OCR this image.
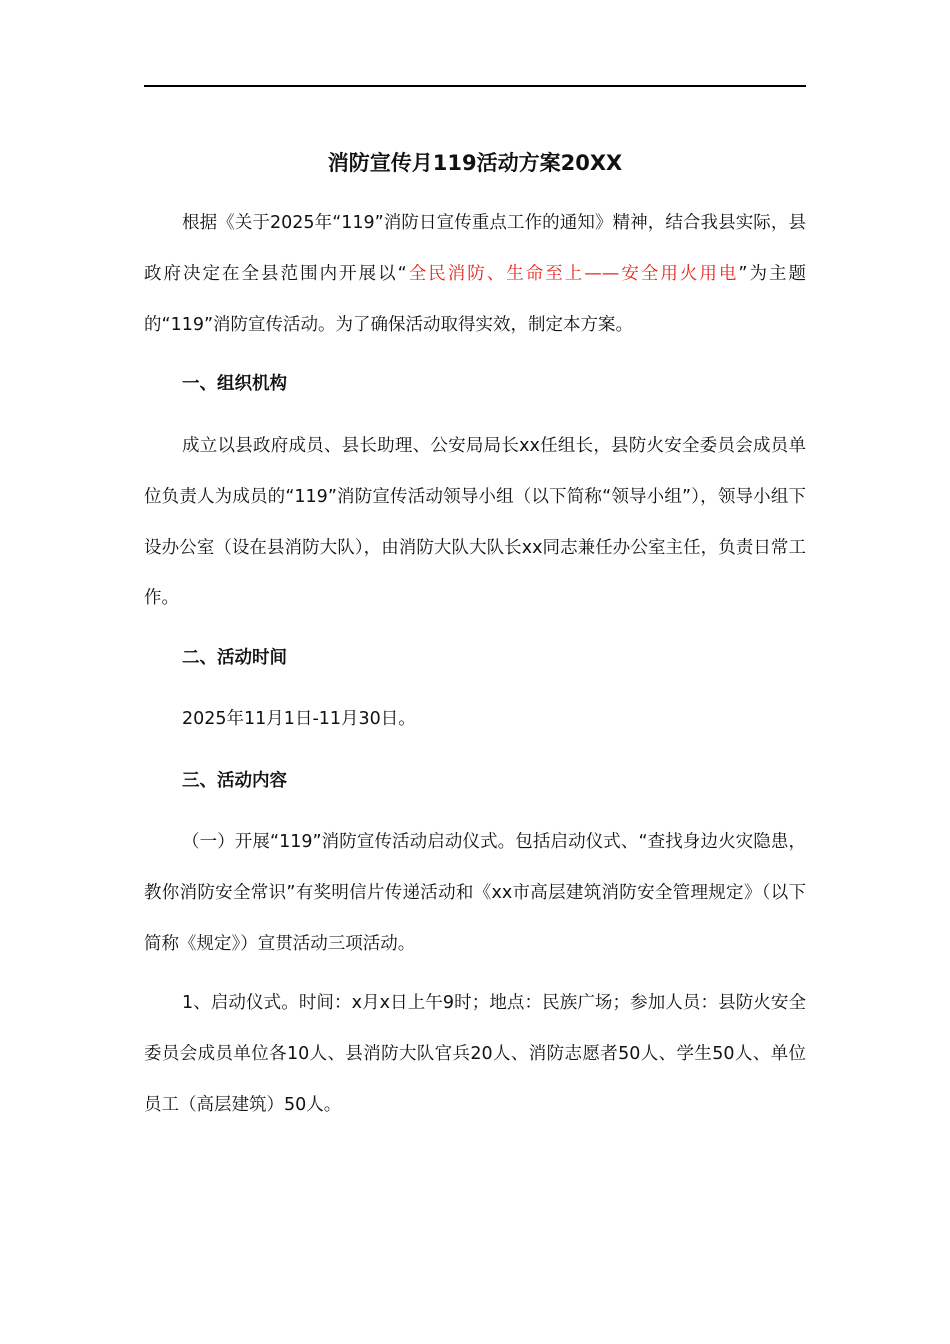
消防宣传月119活动方案20XX

根据《关于2025年“119”消防日宣传重点工作的通知》精神，结合我县实际，县政府决定在全县范围内开展以“全民消防、生命至上——安全用火用电”为主题的“119”消防宣传活动。为了确保活动取得实效，制定本方案。

一、组织机构

成立以县政府成员、县长助理、公安局局长xx任组长，县防火安全委员会成员单位负责人为成员的“119”消防宣传活动领导小组（以下简称“领导小组”），领导小组下设办公室（设在县消防大队），由消防大队大队长xx同志兼任办公室主任，负责日常工作。

二、活动时间

2025年11月1日-11月30日。

三、活动内容

（一）开展“119”消防宣传活动启动仪式。包括启动仪式、“查找身边火灾隐患，教你消防安全常识”有奖明信片传递活动和《xx市高层建筑消防安全管理规定》（以下简称《规定》）宣贯活动三项活动。

1、启动仪式。时间：x月x日上午9时；地点：民族广场；参加人员：县防火安全委员会成员单位各10人、县消防大队官兵20人、消防志愿者50人、学生50人、单位员工（高层建筑）50人。
